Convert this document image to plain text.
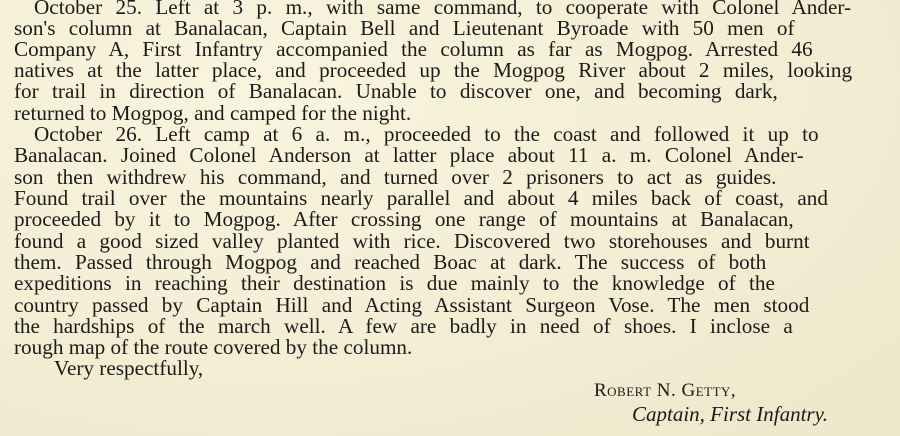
October 25. Left at 3 p. m., with same command, to cooperate with Colonel Ander-
son's column at Banalacan, Captain Bell and Lieutenant Byroade with 50 men of
Company A, First Infantry accompanied the column as far as Mogpog. Arrested 46
natives at the latter place, and proceeded up the Mogpog River about 2 miles, looking
for trail in direction of Banalacan. Unable to discover one, and becoming dark,
returned to Mogpog, and camped for the night.
October 26. Left camp at 6 a. m., proceeded to the coast and followed it up to
Banalacan. Joined Colonel Anderson at latter place about 11 a. m. Colonel Ander-
son then withdrew his command, and turned over 2 prisoners to act as guides.
Found trail over the mountains nearly parallel and about 4 miles back of coast, and
proceeded by it to Mogpog. After crossing one range of mountains at Banalacan,
found a good sized valley planted with rice. Discovered two storehouses and burnt
them. Passed through Mogpog and reached Boac at dark. The success of both
expeditions in reaching their destination is due mainly to the knowledge of the
country passed by Captain Hill and Acting Assistant Surgeon Vose. The men stood
the hardships of the march well. A few are badly in need of shoes. I inclose a
rough map of the route covered by the column.
Very respectfully,
Robert N. Getty,
Captain, First Infantry.
